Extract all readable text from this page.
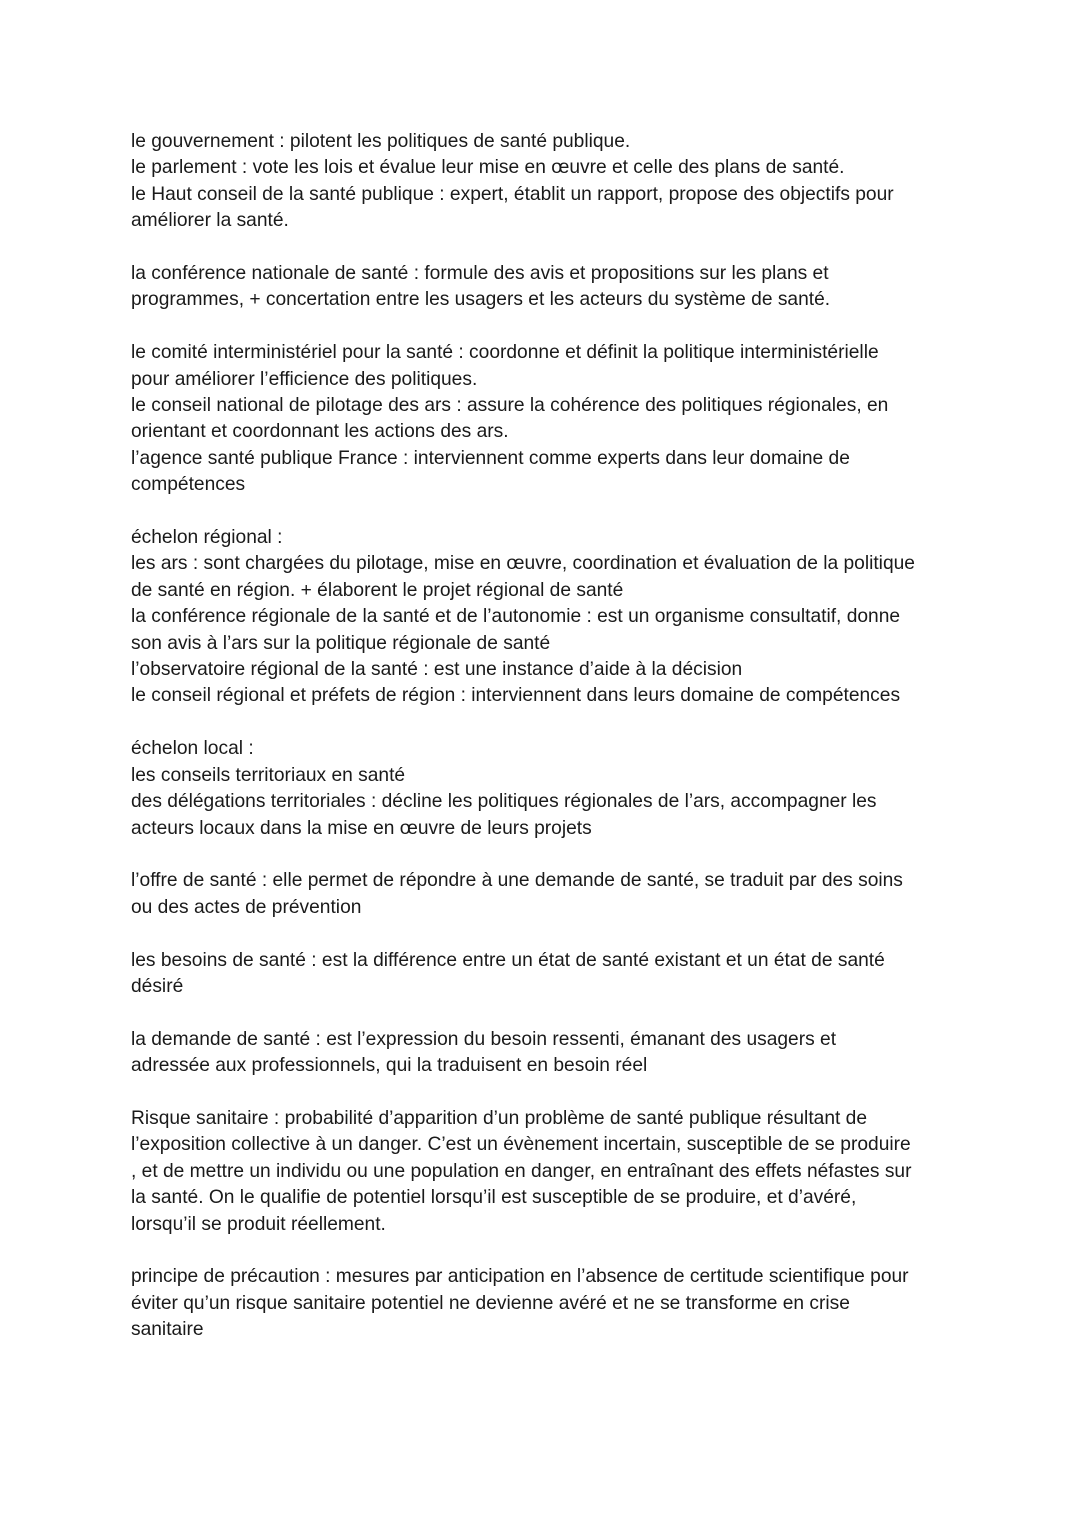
le gouvernement : pilotent les politiques de santé publique.
le parlement : vote les lois et évalue leur mise en œuvre et celle des plans de santé.
le Haut conseil de la santé publique : expert, établit un rapport, propose des objectifs pour
améliorer la santé.
la conférence nationale de santé : formule des avis et propositions sur les plans et
programmes, + concertation entre les usagers et les acteurs du système de santé.
le comité interministériel pour la santé : coordonne et définit la politique interministérielle
pour améliorer l’efficience des politiques.
le conseil national de pilotage des ars : assure la cohérence des politiques régionales, en
orientant et coordonnant les actions des ars.
l’agence santé publique France : interviennent comme experts dans leur domaine de
compétences
échelon régional :
les ars : sont chargées du pilotage, mise en œuvre, coordination et évaluation de la politique
de santé en région. + élaborent le projet régional de santé
la conférence régionale de la santé et de l’autonomie : est un organisme consultatif, donne
son avis à l’ars sur la politique régionale de santé
l’observatoire régional de la santé : est une instance d’aide à la décision
le conseil régional et préfets de région : interviennent dans leurs domaine de compétences
échelon local :
les conseils territoriaux en santé
des délégations territoriales : décline les politiques régionales de l’ars, accompagner les
acteurs locaux dans la mise en œuvre de leurs projets
l’offre de santé : elle permet de répondre à une demande de santé, se traduit par des soins
ou des actes de prévention
les besoins de santé : est la différence entre un état de santé existant et un état de santé
désiré
la demande de santé : est l’expression du besoin ressenti, émanant des usagers et
adressée aux professionnels, qui la traduisent en besoin réel
Risque sanitaire : probabilité d’apparition d’un problème de santé publique résultant de
l’exposition collective à un danger. C’est un évènement incertain, susceptible de se produire
, et de mettre un individu ou une population en danger, en entraînant des effets néfastes sur
la santé. On le qualifie de potentiel lorsqu’il est susceptible de se produire, et d’avéré,
lorsqu’il se produit réellement.
principe de précaution : mesures par anticipation en l’absence de certitude scientifique pour
éviter qu’un risque sanitaire potentiel ne devienne avéré et ne se transforme en crise
sanitaire
